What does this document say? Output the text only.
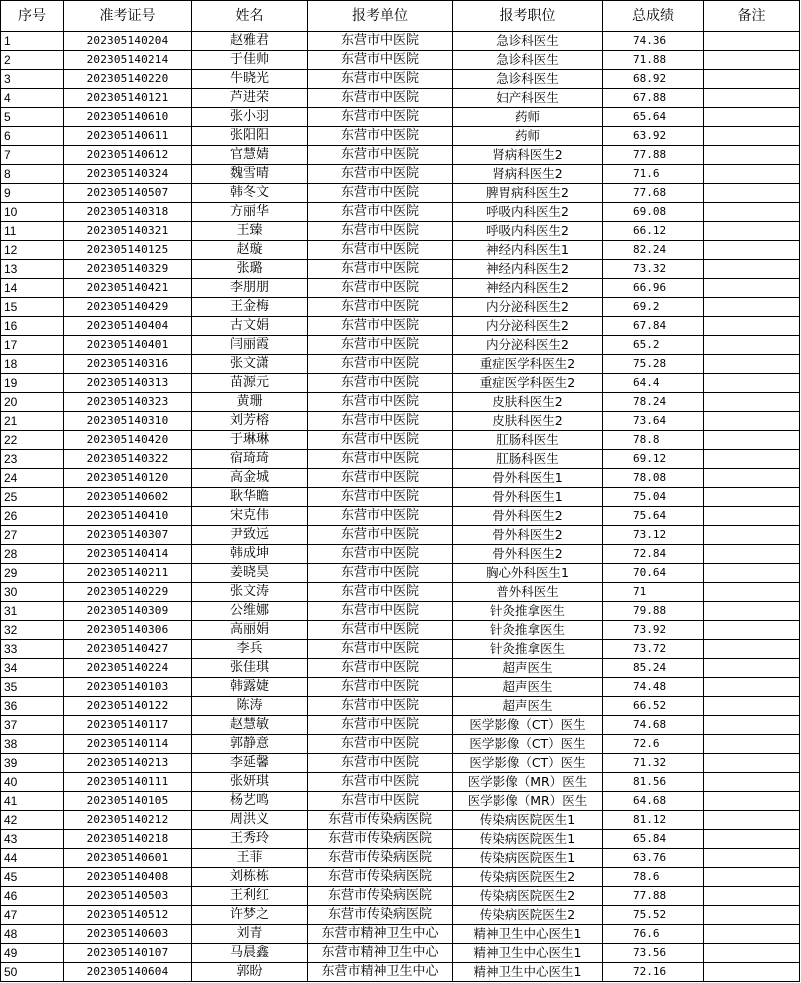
序号	准考证号	姓名	报考单位	报考职位	总成绩	备注
1	202305140204	赵雅君	东营市中医院	急诊科医生	74.36	
2	202305140214	于佳帅	东营市中医院	急诊科医生	71.88	
3	202305140220	牛晓光	东营市中医院	急诊科医生	68.92	
4	202305140121	芦进荣	东营市中医院	妇产科医生	67.88	
5	202305140610	张小羽	东营市中医院	药师	65.64	
6	202305140611	张阳阳	东营市中医院	药师	63.92	
7	202305140612	官慧婧	东营市中医院	肾病科医生2	77.88	
8	202305140324	魏雪晴	东营市中医院	肾病科医生2	71.6	
9	202305140507	韩冬文	东营市中医院	脾胃病科医生2	77.68	
10	202305140318	方丽华	东营市中医院	呼吸内科医生2	69.08	
11	202305140321	王臻	东营市中医院	呼吸内科医生2	66.12	
12	202305140125	赵璇	东营市中医院	神经内科医生1	82.24	
13	202305140329	张璐	东营市中医院	神经内科医生2	73.32	
14	202305140421	李朋朋	东营市中医院	神经内科医生2	66.96	
15	202305140429	王金梅	东营市中医院	内分泌科医生2	69.2	
16	202305140404	古文娟	东营市中医院	内分泌科医生2	67.84	
17	202305140401	闫丽霞	东营市中医院	内分泌科医生2	65.2	
18	202305140316	张文潇	东营市中医院	重症医学科医生2	75.28	
19	202305140313	苗源元	东营市中医院	重症医学科医生2	64.4	
20	202305140323	黄珊	东营市中医院	皮肤科医生2	78.24	
21	202305140310	刘芳榕	东营市中医院	皮肤科医生2	73.64	
22	202305140420	于琳琳	东营市中医院	肛肠科医生	78.8	
23	202305140322	宿琦琦	东营市中医院	肛肠科医生	69.12	
24	202305140120	高金城	东营市中医院	骨外科医生1	78.08	
25	202305140602	耿华瞻	东营市中医院	骨外科医生1	75.04	
26	202305140410	宋克伟	东营市中医院	骨外科医生2	75.64	
27	202305140307	尹致远	东营市中医院	骨外科医生2	73.12	
28	202305140414	韩成坤	东营市中医院	骨外科医生2	72.84	
29	202305140211	姜晓昊	东营市中医院	胸心外科医生1	70.64	
30	202305140229	张文涛	东营市中医院	普外科医生	71	
31	202305140309	公维娜	东营市中医院	针灸推拿医生	79.88	
32	202305140306	高丽娟	东营市中医院	针灸推拿医生	73.92	
33	202305140427	李兵	东营市中医院	针灸推拿医生	73.72	
34	202305140224	张佳琪	东营市中医院	超声医生	85.24	
35	202305140103	韩露婕	东营市中医院	超声医生	74.48	
36	202305140122	陈涛	东营市中医院	超声医生	66.52	
37	202305140117	赵慧敏	东营市中医院	医学影像（CT）医生	74.68	
38	202305140114	郭静意	东营市中医院	医学影像（CT）医生	72.6	
39	202305140213	李延馨	东营市中医院	医学影像（CT）医生	71.32	
40	202305140111	张妍琪	东营市中医院	医学影像（MR）医生	81.56	
41	202305140105	杨艺鸣	东营市中医院	医学影像（MR）医生	64.68	
42	202305140212	周洪义	东营市传染病医院	传染病医院医生1	81.12	
43	202305140218	王秀玲	东营市传染病医院	传染病医院医生1	65.84	
44	202305140601	王菲	东营市传染病医院	传染病医院医生1	63.76	
45	202305140408	刘栋栋	东营市传染病医院	传染病医院医生2	78.6	
46	202305140503	王利红	东营市传染病医院	传染病医院医生2	77.88	
47	202305140512	许梦之	东营市传染病医院	传染病医院医生2	75.52	
48	202305140603	刘青	东营市精神卫生中心	精神卫生中心医生1	76.6	
49	202305140107	马晨鑫	东营市精神卫生中心	精神卫生中心医生1	73.56	
50	202305140604	郭盼	东营市精神卫生中心	精神卫生中心医生1	72.16	
